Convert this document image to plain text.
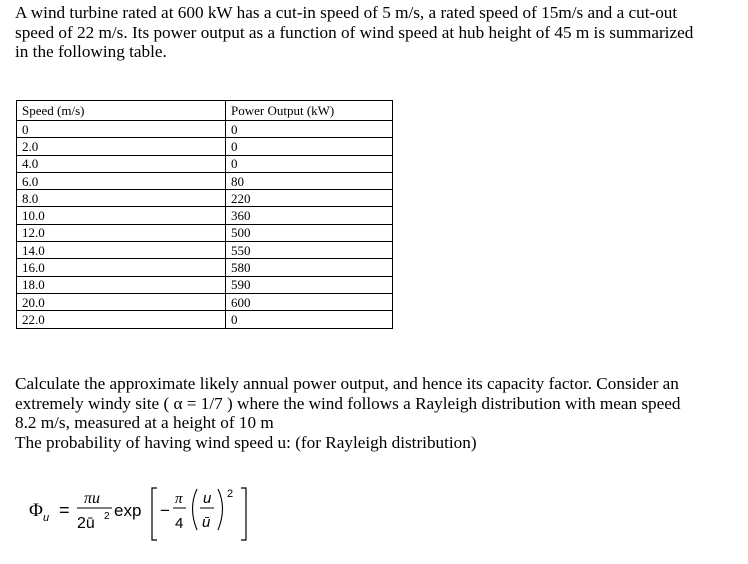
A wind turbine rated at 600 kW has a cut-in speed of 5 m/s, a rated speed of 15m/s and a cut-out
speed of 22 m/s. Its power output as a function of wind speed at hub height of 45 m is summarized
in the following table.
Speed (m/s)	Power Output (kW)
0	0
2.0	0
4.0	0
6.0	80
8.0	220
10.0	360
12.0	500
14.0	550
16.0	580
18.0	590
20.0	600
22.0	0
Calculate the approximate likely annual power output, and hence its capacity factor. Consider an
extremely windy site ( α = 1/7 ) where the wind follows a Rayleigh distribution with mean speed
8.2 m/s, measured at a height of 10 m
The probability of having wind speed u: (for Rayleigh distribution)
Φ u =
πu
2ū 2 exp −
π
4
u
ū
2
